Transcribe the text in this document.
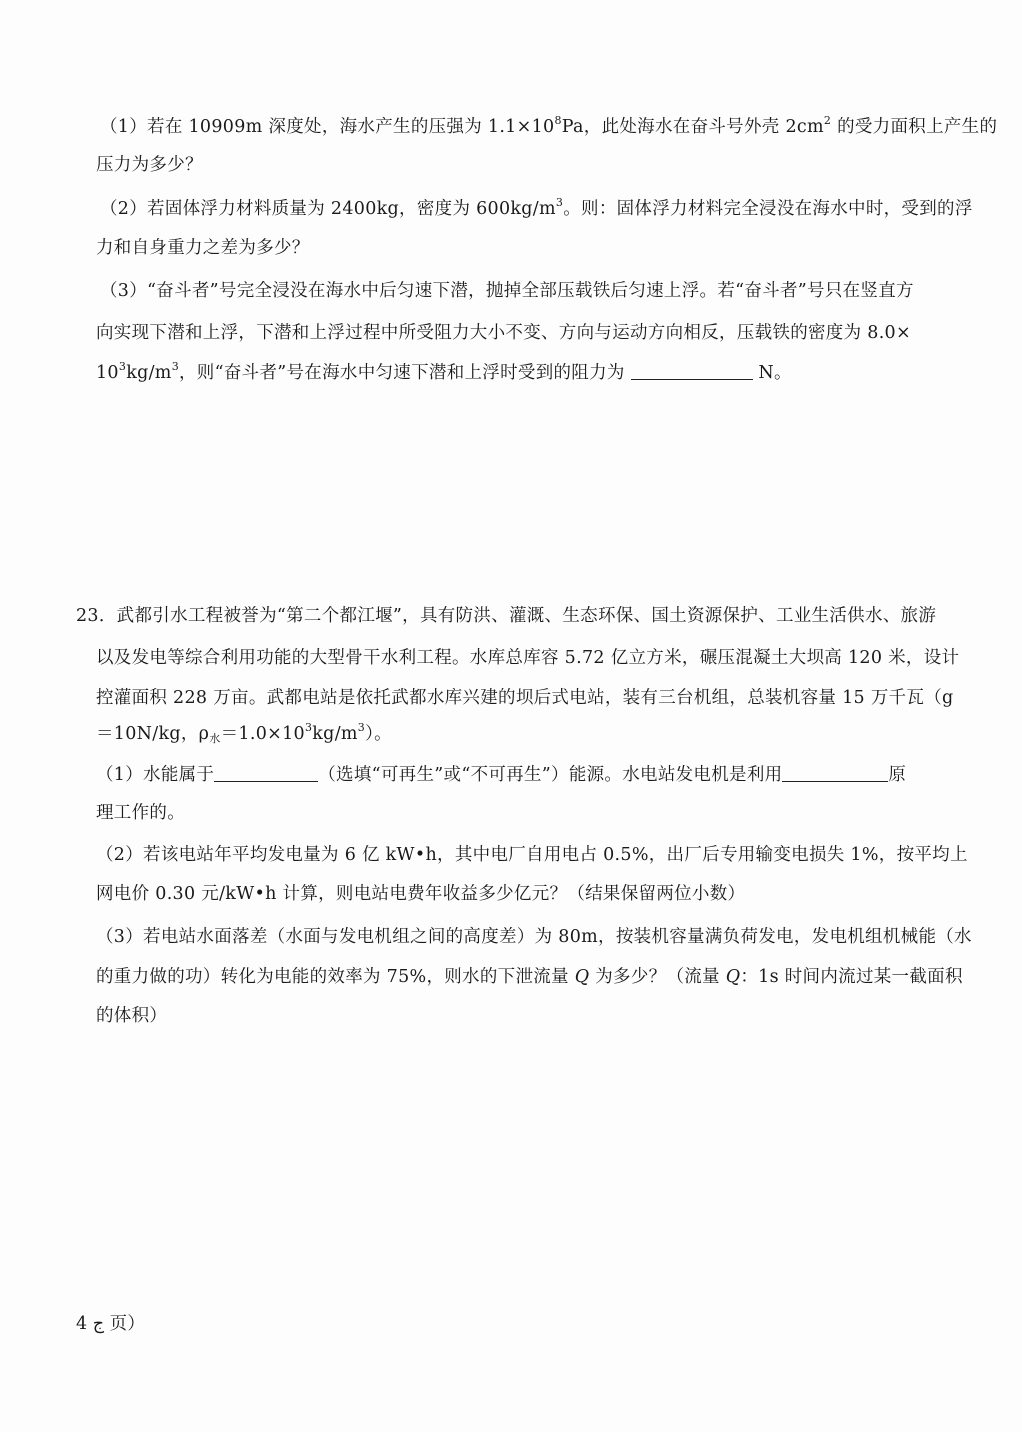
（1）若在 10909m 深度处，海水产生的压强为 $1.1\times 10^8Pa$，此处海水在奋斗号外壳 $2cm^2$ 的受力面积上产生的
压力为多少？
（2）若固体浮力材料质量为 2400kg，密度为 $600kg/m^3$。则：固体浮力材料完全浸没在海水中时，受到的浮
力和自身重力之差为多少？
（3）“奋斗者”号完全浸没在海水中后匀速下潜，抛掉全部压载铁后匀速上浮。若“奋斗者”号只在竖直方
向实现下潜和上浮，下潜和上浮过程中所受阻力大小不变、方向与运动方向相反，压载铁的密度为 8.0×
$10^3kg/m^3$，则“奋斗者”号在海水中匀速下潜和上浮时受到的阻力为	N。
23．武都引水工程被誉为“第二个都江堰”，具有防洪、灌溉、生态环保、国土资源保护、工业生活供水、旅游
以及发电等综合利用功能的大型骨干水利工程。水库总库容 5.72 亿立方米，碾压混凝土大坝高 120 米，设计
控灌面积 228 万亩。武都电站是依托武都水库兴建的坝后式电站，装有三台机组，总装机容量 15 万千瓦（g
＝10N/kg，$\rho_水=1.0\times 10^3kg/m^3$）。
（1）水能属于	（选填“可再生”或“不可再生”）能源。水电站发电机是利用	原
理工作的。
（2）若该电站年平均发电量为 6 亿 kW•h，其中电厂自用电占 0.5%，出厂后专用输变电损失 1%，按平均上
网电价 0.30 元/kW•h 计算，则电站电费年收益多少亿元？（结果保留两位小数）
（3）若电站水面落差（水面与发电机组之间的高度差）为 80m，按装机容量满负荷发电，发电机组机械能（水
的重力做的功）转化为电能的效率为 75%，则水的下泄流量 Q 为多少？（流量 Q：1s 时间内流过某一截面积
的体积）
ج 4 页）
